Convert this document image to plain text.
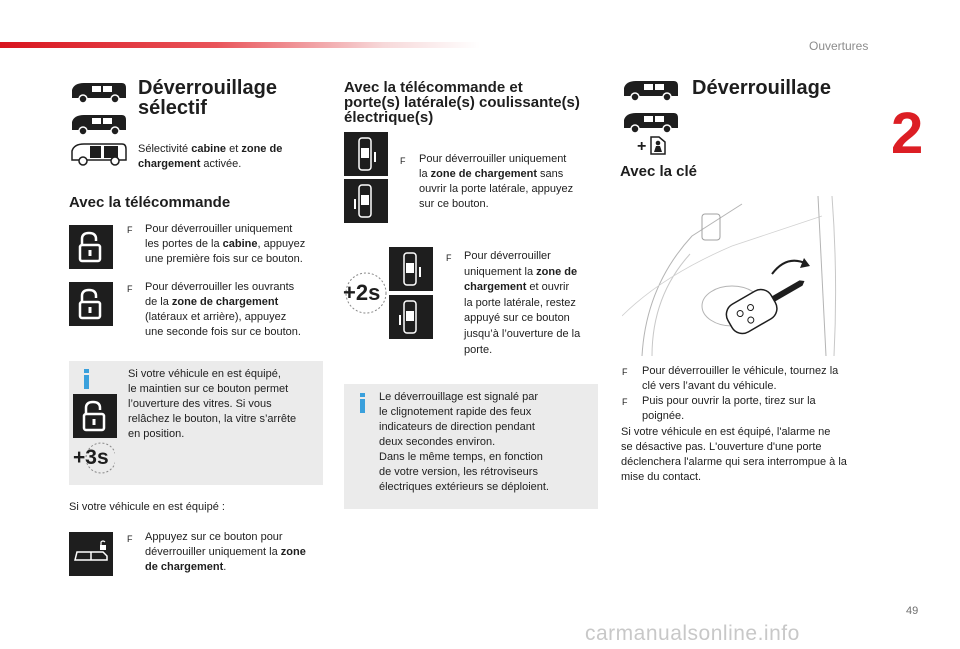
Ouvertures
2
Déverrouillage
sélectif
Sélectivité cabine et zone de
chargement activée.
Avec la télécommande
F Pour déverrouiller uniquement
les portes de la cabine, appuyez
une première fois sur ce bouton.
F Pour déverrouiller les ouvrants
de la zone de chargement
(latéraux et arrière), appuyez
une seconde fois sur ce bouton.
+3s
Si votre véhicule en est équipé,
le maintien sur ce bouton permet
l’ouverture des vitres. Si vous
relâchez le bouton, la vitre s’arrête
en position.
Si votre véhicule en est équipé :
F Appuyez sur ce bouton pour
déverrouiller uniquement la zone
de chargement.
Avec la télécommande et
porte(s) latérale(s) coulissante(s)
électrique(s)
F Pour déverrouiller uniquement
la zone de chargement sans
ouvrir la porte latérale, appuyez
sur ce bouton.
+2s
F Pour déverrouiller
uniquement la zone de
chargement et ouvrir
la porte latérale, restez
appuyé sur ce bouton
jusqu’à l’ouverture de la
porte.
Le déverrouillage est signalé par
le clignotement rapide des feux
indicateurs de direction pendant
deux secondes environ.
Dans le même temps, en fonction
de votre version, les rétroviseurs
électriques extérieurs se déploient.
Déverrouillage
+
Avec la clé
F Pour déverrouiller le véhicule, tournez la
clé vers l’avant du véhicule.
F Puis pour ouvrir la porte, tirez sur la
poignée.
Si votre véhicule en est équipé, l'alarme ne
se désactive pas. L'ouverture d'une porte
déclenchera l'alarme qui sera interrompue à la
mise du contact.
49
carmanualsonline.info
